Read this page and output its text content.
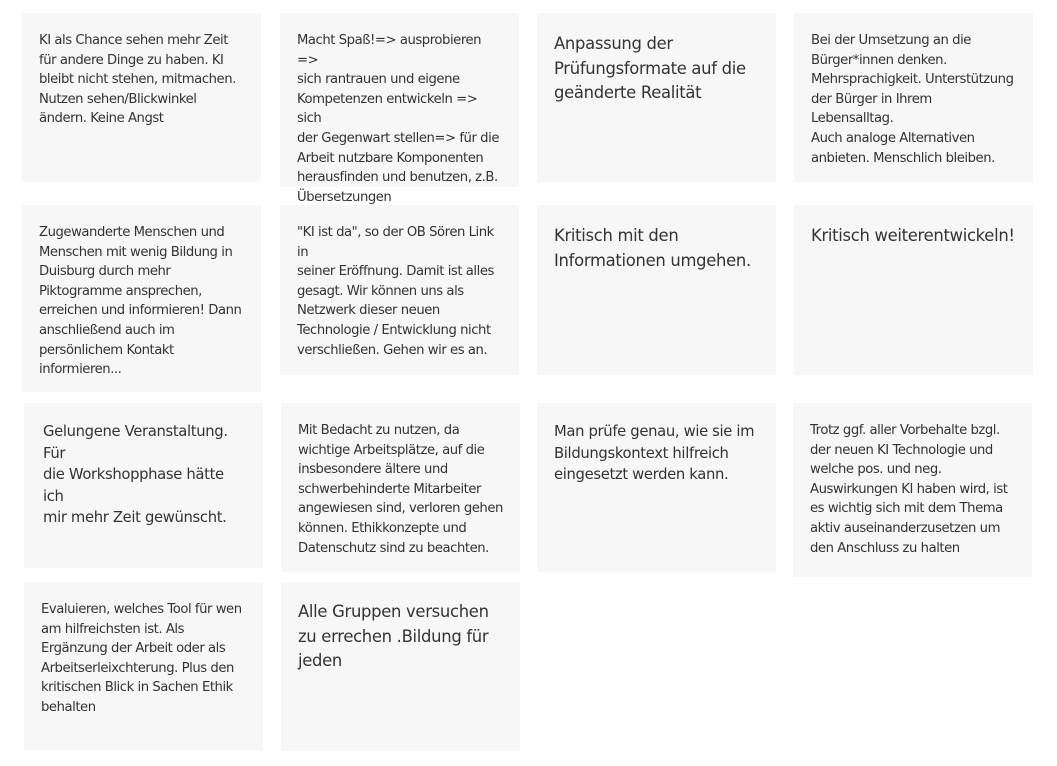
KI als Chance sehen mehr Zeit
für andere Dinge zu haben. KI
bleibt nicht stehen, mitmachen.
Nutzen sehen/Blickwinkel
ändern. Keine Angst
Macht Spaß!=> ausprobieren =>
sich rantrauen und eigene
Kompetenzen entwickeln => sich
der Gegenwart stellen=> für die
Arbeit nutzbare Komponenten
herausfinden und benutzen, z.B.
Übersetzungen
Anpassung der
Prüfungsformate auf die
geänderte Realität
Bei der Umsetzung an die
Bürger*innen denken.
Mehrsprachigkeit. Unterstützung
der Bürger in Ihrem Lebensalltag.
Auch analoge Alternativen
anbieten. Menschlich bleiben.
Zugewanderte Menschen und
Menschen mit wenig Bildung in
Duisburg durch mehr
Piktogramme ansprechen,
erreichen und informieren! Dann
anschließend auch im
persönlichem Kontakt
informieren...
"KI ist da", so der OB Sören Link in
seiner Eröffnung. Damit ist alles
gesagt. Wir können uns als
Netzwerk dieser neuen
Technologie / Entwicklung nicht
verschließen. Gehen wir es an.
Kritisch mit den
Informationen umgehen.
Kritisch weiterentwickeln!
Gelungene Veranstaltung. Für
die Workshopphase hätte ich
mir mehr Zeit gewünscht.
Mit Bedacht zu nutzen, da
wichtige Arbeitsplätze, auf die
insbesondere ältere und
schwerbehinderte Mitarbeiter
angewiesen sind, verloren gehen
können. Ethikkonzepte und
Datenschutz sind zu beachten.
Man prüfe genau, wie sie im
Bildungskontext hilfreich
eingesetzt werden kann.
Trotz ggf. aller Vorbehalte bzgl.
der neuen KI Technologie und
welche pos. und neg.
Auswirkungen KI haben wird, ist
es wichtig sich mit dem Thema
aktiv auseinanderzusetzen um
den Anschluss zu halten
Evaluieren, welches Tool für wen
am hilfreichsten ist. Als
Ergänzung der Arbeit oder als
Arbeitserleixchterung. Plus den
kritischen Blick in Sachen Ethik
behalten
Alle Gruppen versuchen
zu errechen .Bildung für
jeden
